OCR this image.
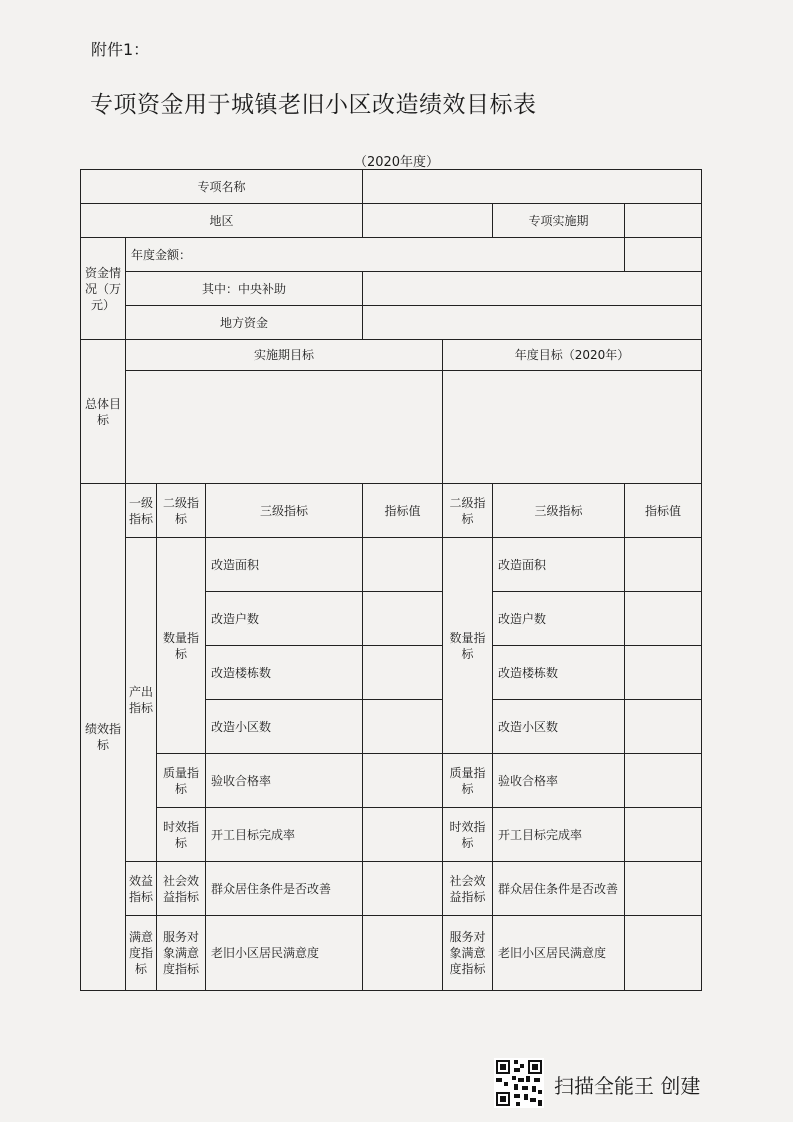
附件1：
专项资金用于城镇老旧小区改造绩效目标表
（2020年度）
专项名称							
地区						专项实施期	
资金情况（万元）	年度金额：						
	其中：中央补助						
	地方资金						
总体目标	实施期目标				年度目标（2020年）		

绩效指标	一级指标	二级指标	三级指标	指标值	二级指标	三级指标	指标值
	产出指标	数量指标	改造面积		数量指标	改造面积	
			改造户数			改造户数	
			改造楼栋数			改造楼栋数	
			改造小区数			改造小区数	
		质量指标	验收合格率		质量指标	验收合格率	
		时效指标	开工目标完成率		时效指标	开工目标完成率	
	效益指标	社会效益指标	群众居住条件是否改善		社会效益指标	群众居住条件是否改善	
	满意度指标	服务对象满意度指标	老旧小区居民满意度		服务对象满意度指标	老旧小区居民满意度	
扫描全能王 创建
